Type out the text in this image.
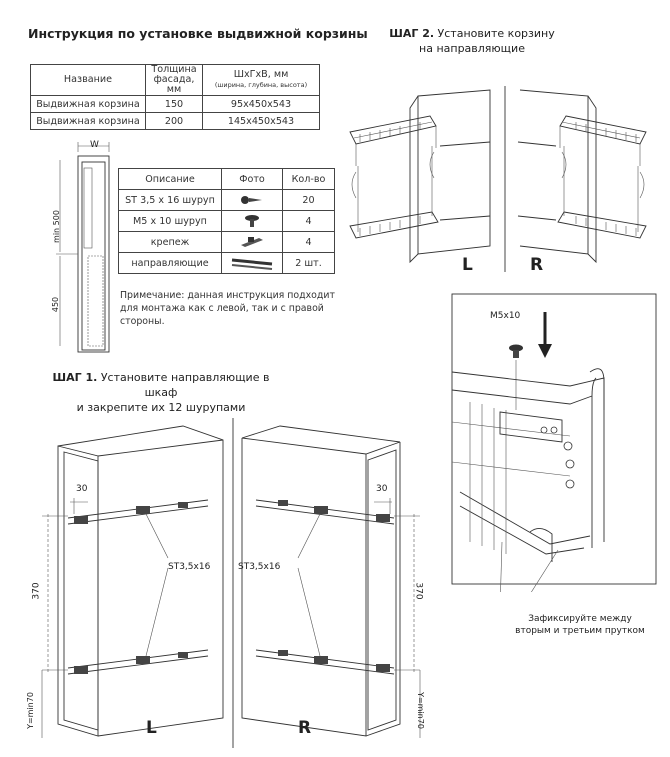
Инструкция по установке выдвижной корзины
Название	Толщина фасада, мм	ШхГхВ, мм
(ширина, глубина, высота)

Выдвижная корзина	150	95х450х543
Выдвижная корзина	200	145х450х543
W
min 500
450
Описание	Фото	Кол-во
ST 3,5 x 16 шуруп		20
M5 x 10 шуруп		4
крепеж		4
направляющие		2 шт.
Примечание: данная инструкция подходит для монтажа как с левой, так и с правой стороны.
ШАГ 2. Установите корзину
на направляющие
L	R
M5x10
Зафиксируйте между
вторым и третьим прутком
ШАГ 1. Установите направляющие в шкаф
и закрепите их 12 шурупами
30	30
ST3,5x16	ST3,5x16
370	370
Y=min70	Y=min70
L	R
